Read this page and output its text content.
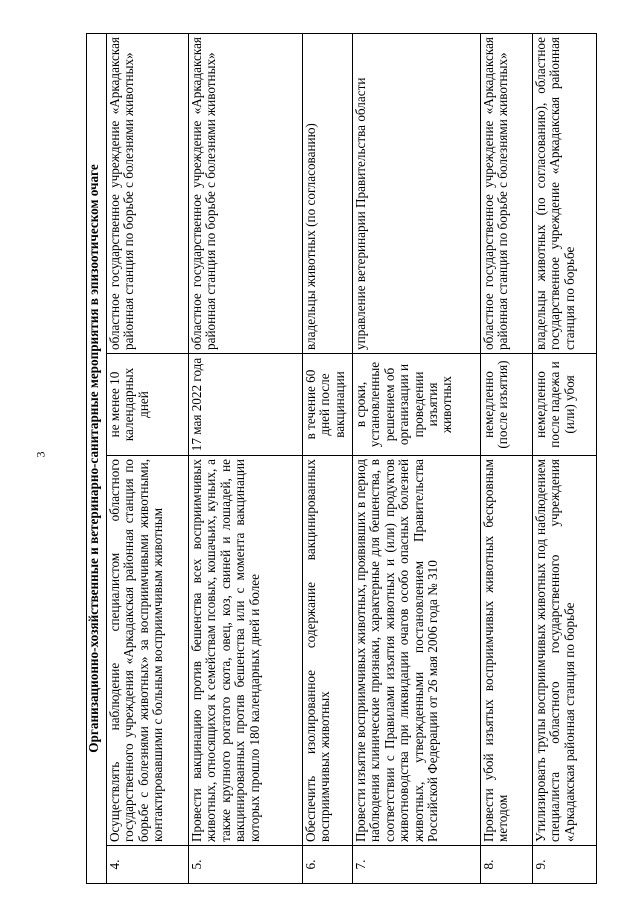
3	Организационно-хозяйственные и ветеринарно-санитарные мероприятия в эпизоотическом очаге			
4.	Осуществлять наблюдение специалистом областного государственного учреждения «Аркадакская районная станция по борьбе с болезнями животных» за восприимчивыми животными, контактировавшими с больным восприимчивым животным	не менее 10 календарных дней	областное государственное учреждение «Аркадакская районная станция по борьбе с болезнями животных»
5.	Провести вакцинацию против бешенства всех восприимчивых животных, относящихся к семействам псовых, кошачьих, куньих, а также крупного рогатого скота, овец, коз, свиней и лошадей, не вакцинированных против бешенства или с момента вакцинации которых прошло 180 календарных дней и более	17 мая 2022 года	областное государственное учреждение «Аркадакская районная станция по борьбе с болезнями животных»
6.	Обеспечить изолированное содержание вакцинированных восприимчивых животных	в течение 60 дней после вакцинации	владельцы животных (по согласованию)
7.	Провести изъятие восприимчивых животных, проявивших в период наблюдения клинические признаки, характерные для бешенства, в соответствии с Правилами изъятия животных и (или) продуктов животноводства при ликвидации очагов особо опасных болезней животных, утвержденными постановлением Правительства Российской Федерации от 26 мая 2006 года № 310	в сроки, установленные решением об организации и проведении изъятия животных	управление ветеринарии Правительства области
8.	Провести убой изъятых восприимчивых животных бескровным методом	немедленно (после изъятия)	областное государственное учреждение «Аркадакская районная станция по борьбе с болезнями животных»
9.	Утилизировать трупы восприимчивых животных под наблюдением специалиста областного государственного учреждения «Аркадакская районная станция по борьбе	немедленно после падежа и (или) убоя	владельцы животных (по согласованию), областное государственное учреждение «Аркадакская районная станция по борьбе
